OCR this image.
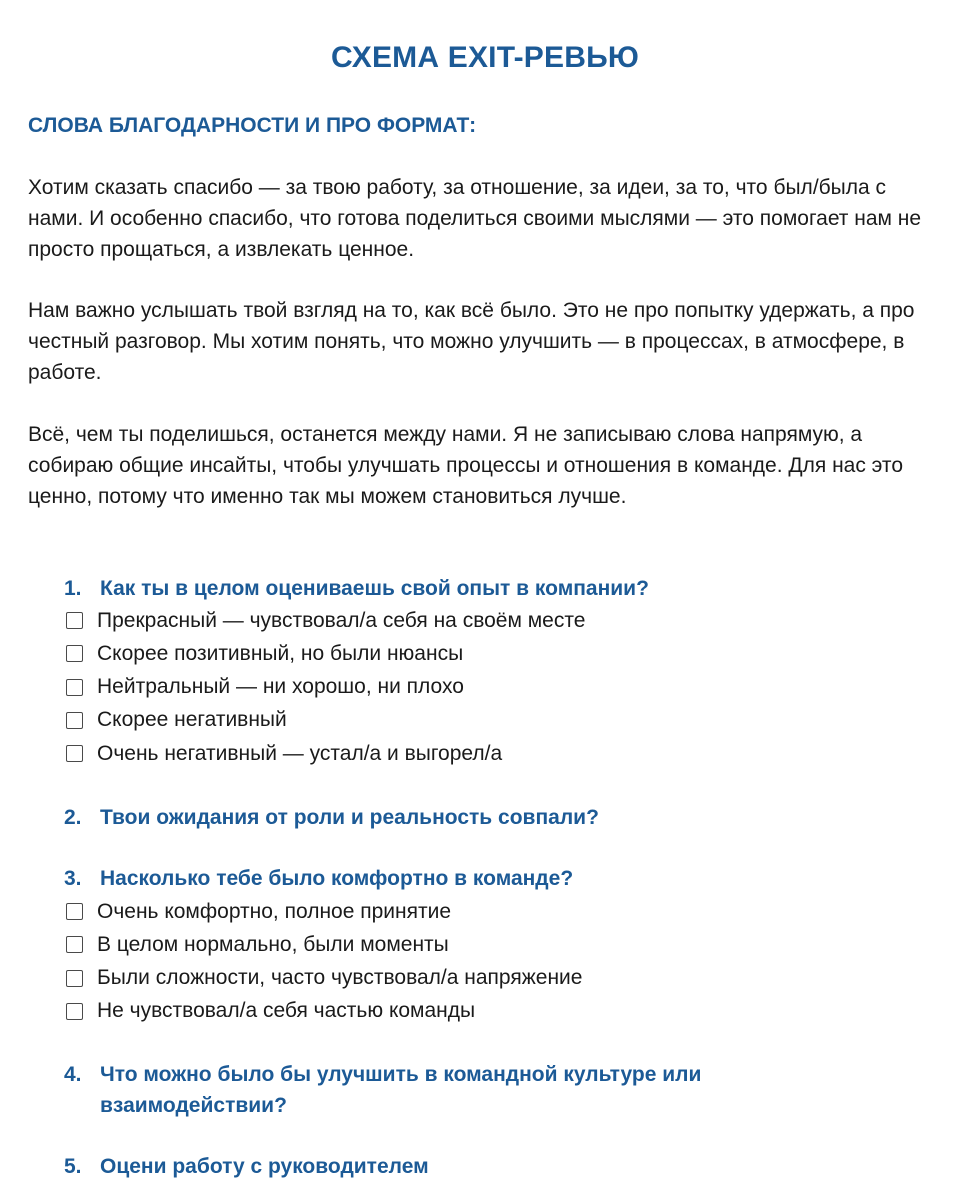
СХЕМА EXIT-РЕВЬЮ
СЛОВА БЛАГОДАРНОСТИ И ПРО ФОРМАТ:

Хотим сказать спасибо — за твою работу, за отношение, за идеи, за то, что был/была с нами. И особенно спасибо, что готова поделиться своими мыслями — это помогает нам не просто прощаться, а извлекать ценное.

Нам важно услышать твой взгляд на то, как всё было. Это не про попытку удержать, а про честный разговор. Мы хотим понять, что можно улучшить — в процессах, в атмосфере, в работе.

Всё, чем ты поделишься, останется между нами. Я не записываю слова напрямую, а собираю общие инсайты, чтобы улучшать процессы и отношения в команде. Для нас это ценно, потому что именно так мы можем становиться лучше.

1. Как ты в целом оцениваешь свой опыт в компании?
Прекрасный — чувствовал/а себя на своём месте
Скорее позитивный, но были нюансы
Нейтральный — ни хорошо, ни плохо
Скорее негативный
Очень негативный — устал/а и выгорел/а
2. Твои ожидания от роли и реальность совпали?
3. Насколько тебе было комфортно в команде?
Очень комфортно, полное принятие
В целом нормально, были моменты
Были сложности, часто чувствовал/а напряжение
Не чувствовал/а себя частью команды
4. Что можно было бы улучшить в командной культуре или взаимодействии?
5. Оцени работу с руководителем
